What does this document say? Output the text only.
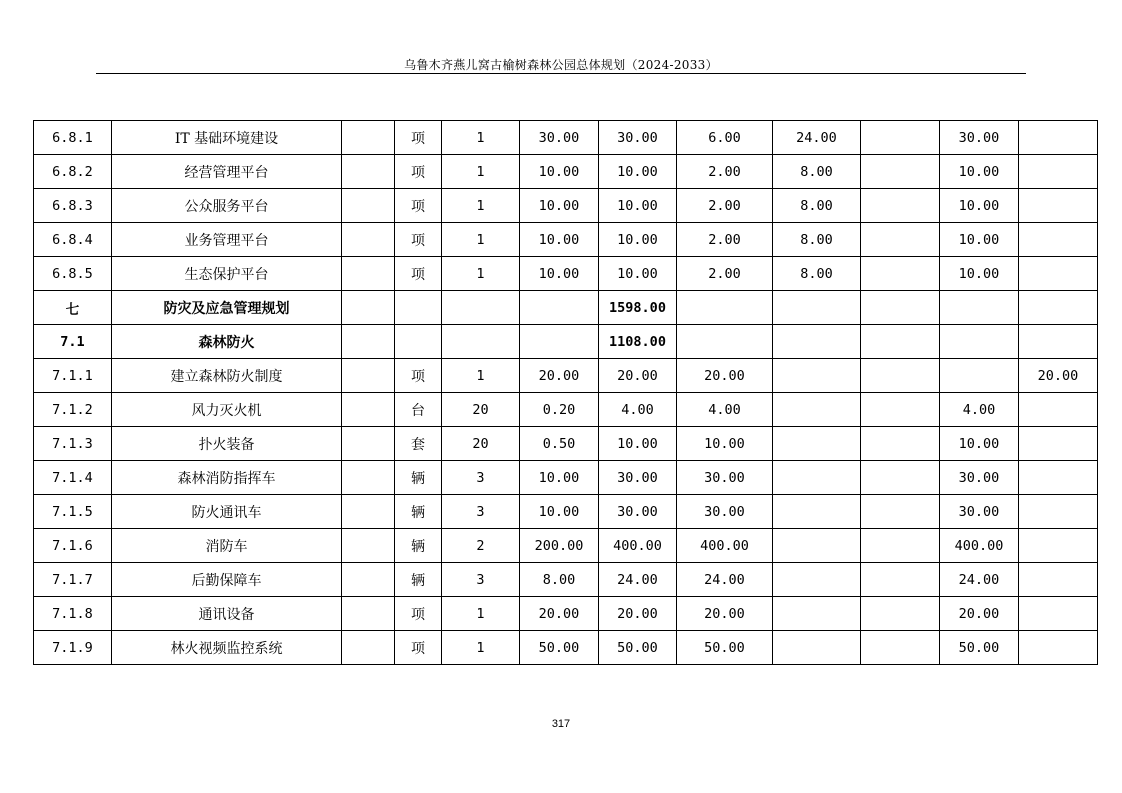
乌鲁木齐燕儿窝古榆树森林公园总体规划（2024-2033）
6.8.1	IT 基础环境建设		项	1	30.00	30.00	6.00	24.00		30.00	
6.8.2	经营管理平台		项	1	10.00	10.00	2.00	8.00		10.00	
6.8.3	公众服务平台		项	1	10.00	10.00	2.00	8.00		10.00	
6.8.4	业务管理平台		项	1	10.00	10.00	2.00	8.00		10.00	
6.8.5	生态保护平台		项	1	10.00	10.00	2.00	8.00		10.00	
七	防灾及应急管理规划					1598.00					
7.1	森林防火					1108.00					
7.1.1	建立森林防火制度		项	1	20.00	20.00	20.00				20.00
7.1.2	风力灭火机		台	20	0.20	4.00	4.00			4.00	
7.1.3	扑火装备		套	20	0.50	10.00	10.00			10.00	
7.1.4	森林消防指挥车		辆	3	10.00	30.00	30.00			30.00	
7.1.5	防火通讯车		辆	3	10.00	30.00	30.00			30.00	
7.1.6	消防车		辆	2	200.00	400.00	400.00			400.00	
7.1.7	后勤保障车		辆	3	8.00	24.00	24.00			24.00	
7.1.8	通讯设备		项	1	20.00	20.00	20.00			20.00	
7.1.9	林火视频监控系统		项	1	50.00	50.00	50.00			50.00	
317
